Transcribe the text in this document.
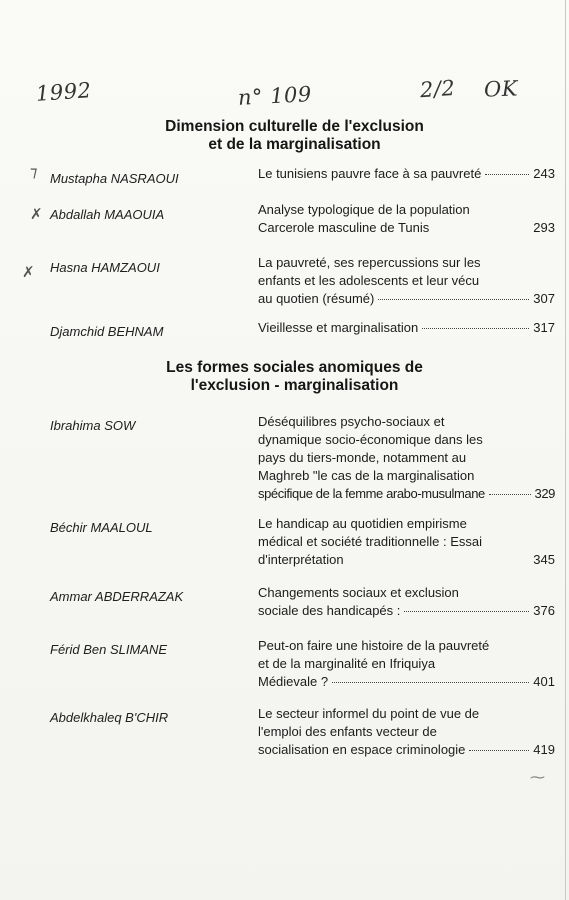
1992	n° 109	2/2 OK
Dimension culturelle de l'exclusion
et de la marginalisation
⁊ Mustapha NASRAOUI	Le tunisiens pauvre face à sa pauvreté	243
✗ Abdallah MAAOUIA	Analyse typologique de la population
Carcerole masculine de Tunis	293
✗ Hasna HAMZAOUI	La pauvreté, ses repercussions sur les
enfants et les adolescents et leur vécu
au quotien (résumé)	307
Djamchid BEHNAM	Vieillesse et marginalisation	317
Les formes sociales anomiques de
l'exclusion - marginalisation
Ibrahima SOW	Déséquilibres psycho-sociaux et
dynamique socio-économique dans les
pays du tiers-monde, notamment au
Maghreb "le cas de la marginalisation
spécifique de la femme arabo-musulmane	329
Béchir MAALOUL	Le handicap au quotidien empirisme
médical et société traditionnelle : Essai
d'interprétation	345
Ammar ABDERRAZAK	Changements sociaux et exclusion
sociale des handicapés :	376
Férid Ben SLIMANE	Peut-on faire une histoire de la pauvreté
et de la marginalité en Ifriquiya
Médievale ?	401
Abdelkhaleq B'CHIR	Le secteur informel du point de vue de
l'emploi des enfants vecteur de
socialisation en espace criminologie	419
⁓
